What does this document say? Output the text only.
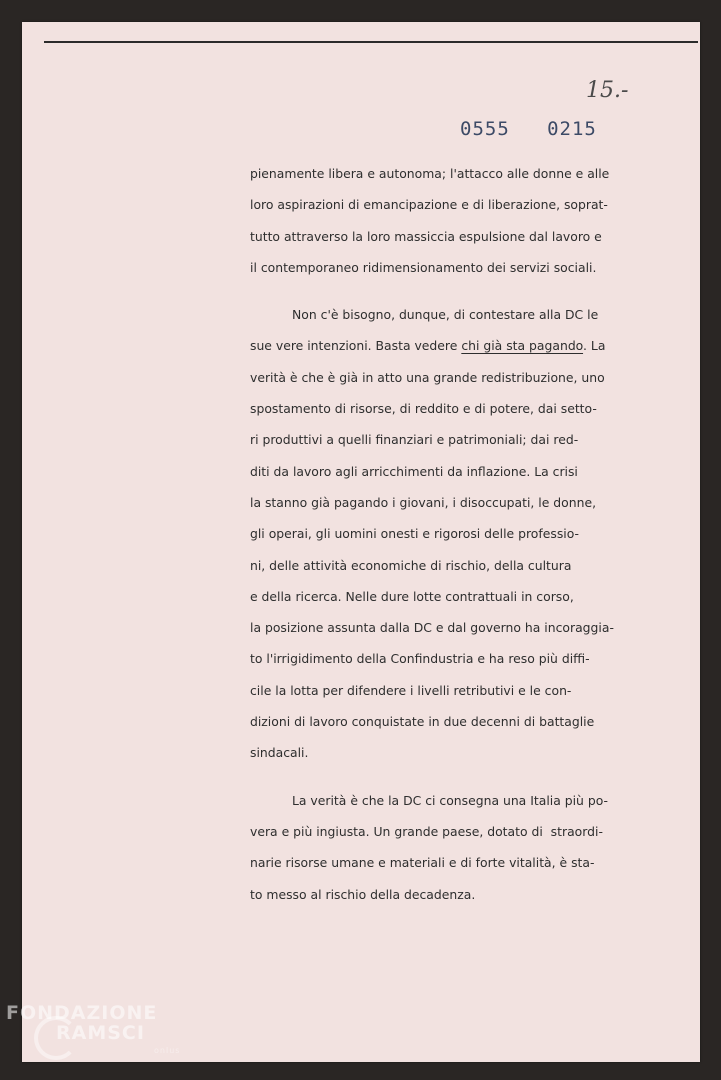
15.-
0555   0215
pienamente libera e autonoma; l'attacco alle donne e alle
loro aspirazioni di emancipazione e di liberazione, soprat-
tutto attraverso la loro massiccia espulsione dal lavoro e
il contemporaneo ridimensionamento dei servizi sociali.
Non c'è bisogno, dunque, di contestare alla DC le
sue vere intenzioni. Basta vedere chi già sta pagando. La
verità è che è già in atto una grande redistribuzione, uno
spostamento di risorse, di reddito e di potere, dai setto-
ri produttivi a quelli finanziari e patrimoniali; dai red-
diti da lavoro agli arricchimenti da inflazione. La crisi
la stanno già pagando i giovani, i disoccupati, le donne,
gli operai, gli uomini onesti e rigorosi delle professio-
ni, delle attività economiche di rischio, della cultura
e della ricerca. Nelle dure lotte contrattuali in corso,
la posizione assunta dalla DC e dal governo ha incoraggia-
to l'irrigidimento della Confindustria e ha reso più diffi-
cile la lotta per difendere i livelli retributivi e le con-
dizioni di lavoro conquistate in due decenni di battaglie
sindacali.
La verità è che la DC ci consegna una Italia più po-
vera e più ingiusta. Un grande paese, dotato di  straordi-
narie risorse umane e materiali e di forte vitalità, è sta-
to messo al rischio della decadenza.
FONDAZIONE
RAMSCI
onlus
